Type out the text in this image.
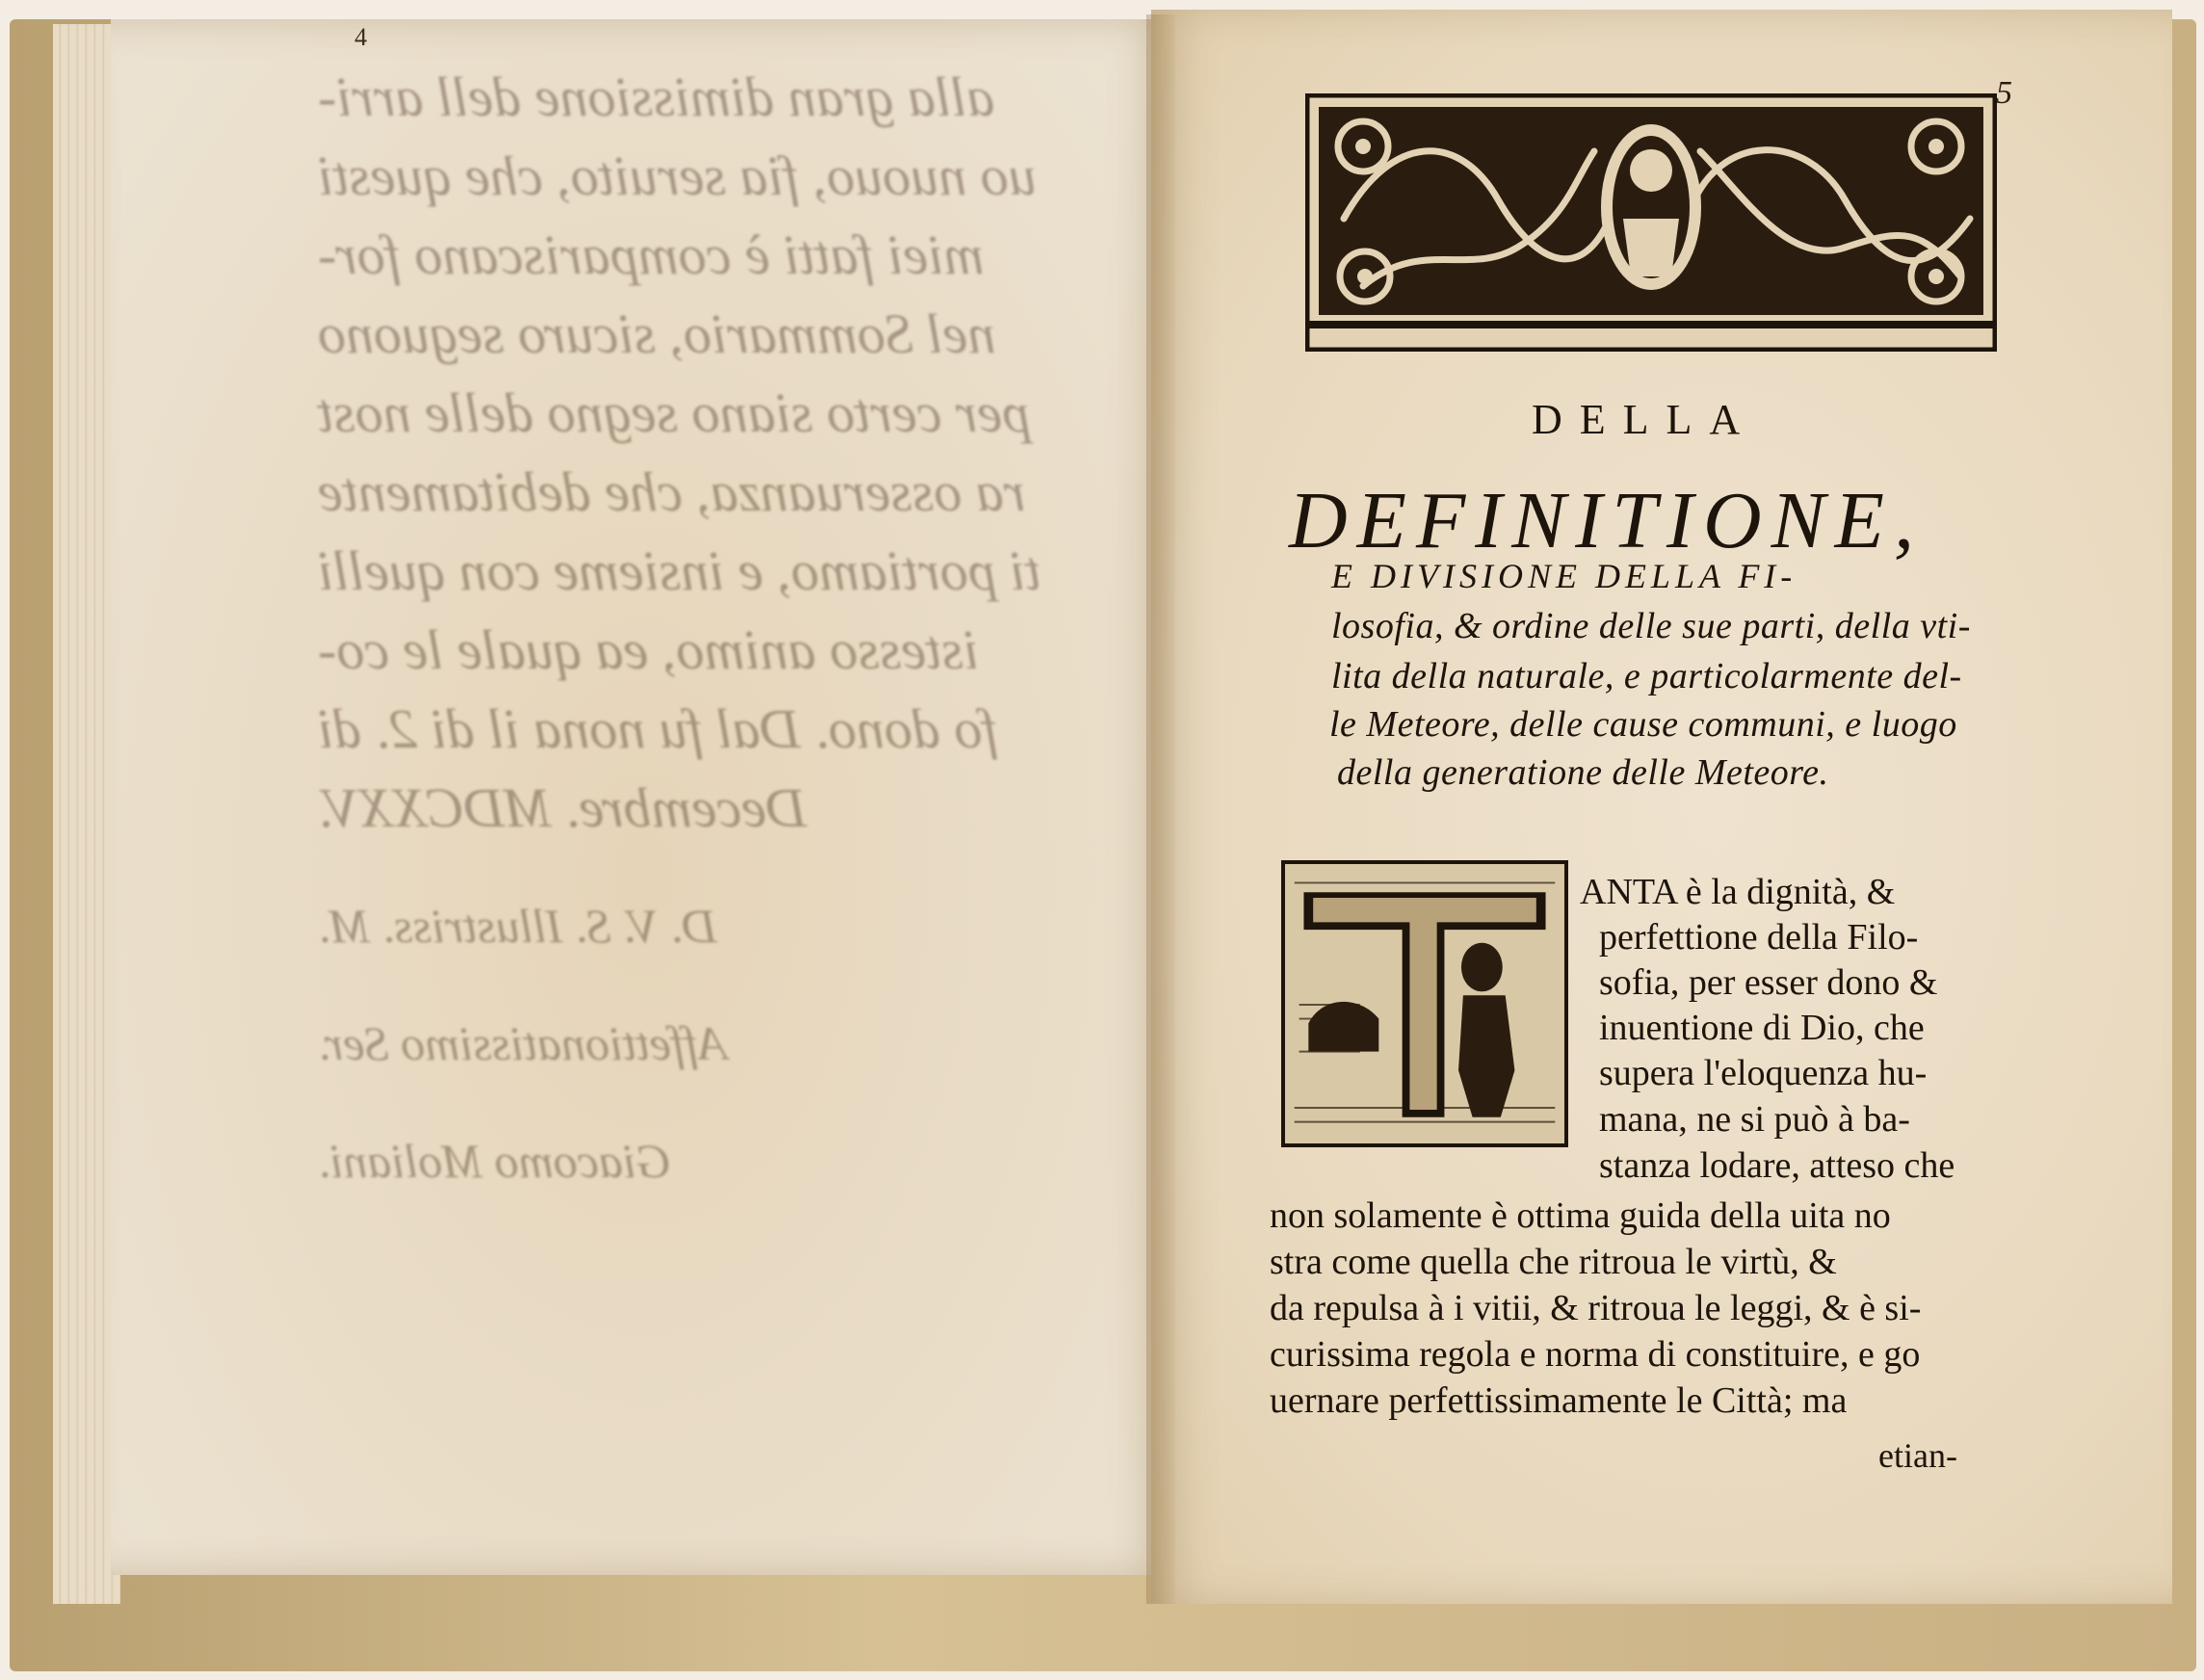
alla gran dimissione dell arri-
uo nuouo, fia seruito, che questi
miei fatti è compariscano for-
nel Sommario, sicuro seguono
per certo siano segno delle nost
ra osseruanza, che debitamente
ti portiamo, e insieme con quelli
istesso animo, ea quale le co-
fo dono. Dal fu nona il di 2. di
Decembre. MDCXXV.
D. V. S. Illustriss. M.
Affettionatissimo Ser.
Giacomo Moliani.
4
5
DELLA
DEFINITIONE,
E DIVISIONE DELLA FI-
losofia, & ordine delle sue parti, della vti-
lita della naturale, e particolarmente del-
le Meteore, delle cause communi, e luogo
della generatione delle Meteore.
ANTA è la dignità, &
perfettione della Filo-
sofia, per esser dono &
inuentione di Dio, che
supera l'eloquenza hu-
mana, ne si può à ba-
stanza lodare, atteso che
non solamente è ottima guida della uita no
stra come quella che ritroua le virtù, &
da repulsa à i vitii, & ritroua le leggi, & è si-
curissima regola e norma di constituire, e go
uernare perfettissimamente le Città; ma
etian-
